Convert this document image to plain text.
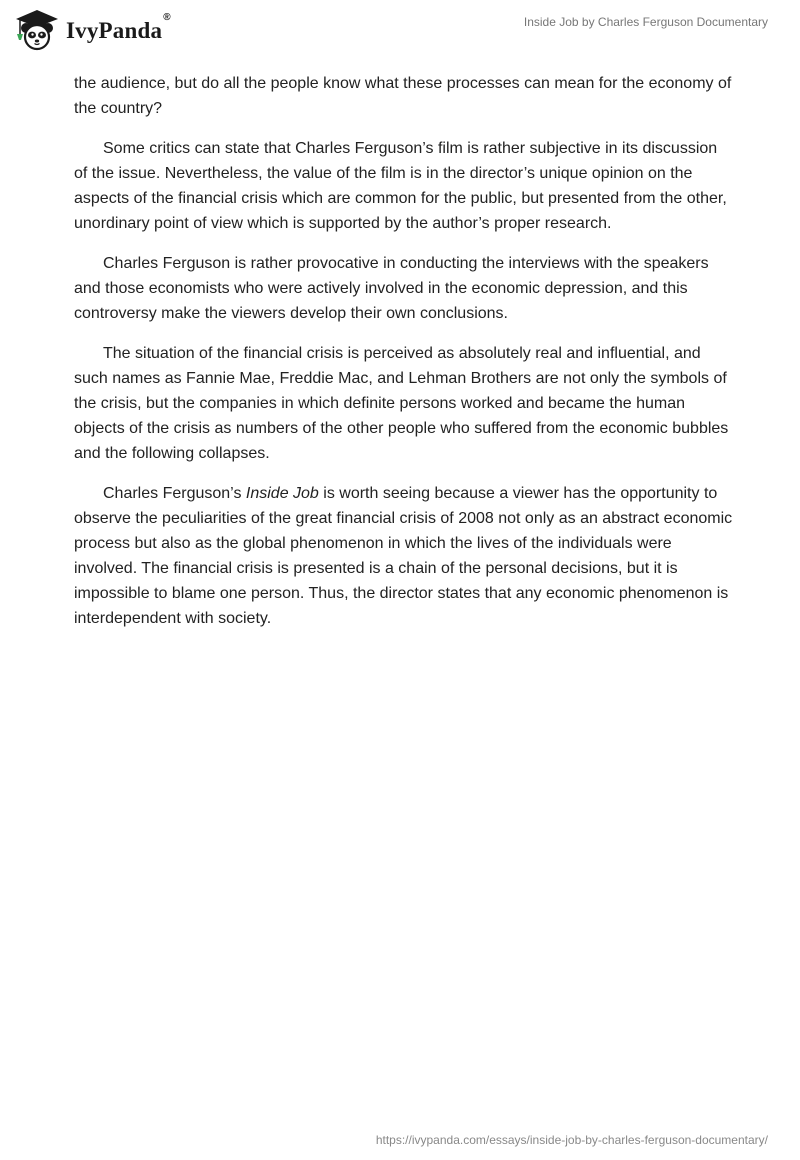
IvyPanda®	Inside Job by Charles Ferguson Documentary

the audience, but do all the people know what these processes can mean for the economy of the country?

Some critics can state that Charles Ferguson’s film is rather subjective in its discussion of the issue. Nevertheless, the value of the film is in the director’s unique opinion on the aspects of the financial crisis which are common for the public, but presented from the other, unordinary point of view which is supported by the author’s proper research.

Charles Ferguson is rather provocative in conducting the interviews with the speakers and those economists who were actively involved in the economic depression, and this controversy make the viewers develop their own conclusions.

The situation of the financial crisis is perceived as absolutely real and influential, and such names as Fannie Mae, Freddie Mac, and Lehman Brothers are not only the symbols of the crisis, but the companies in which definite persons worked and became the human objects of the crisis as numbers of the other people who suffered from the economic bubbles and the following collapses.

Charles Ferguson’s Inside Job is worth seeing because a viewer has the opportunity to observe the peculiarities of the great financial crisis of 2008 not only as an abstract economic process but also as the global phenomenon in which the lives of the individuals were involved. The financial crisis is presented is a chain of the personal decisions, but it is impossible to blame one person. Thus, the director states that any economic phenomenon is interdependent with society.

https://ivypanda.com/essays/inside-job-by-charles-ferguson-documentary/
